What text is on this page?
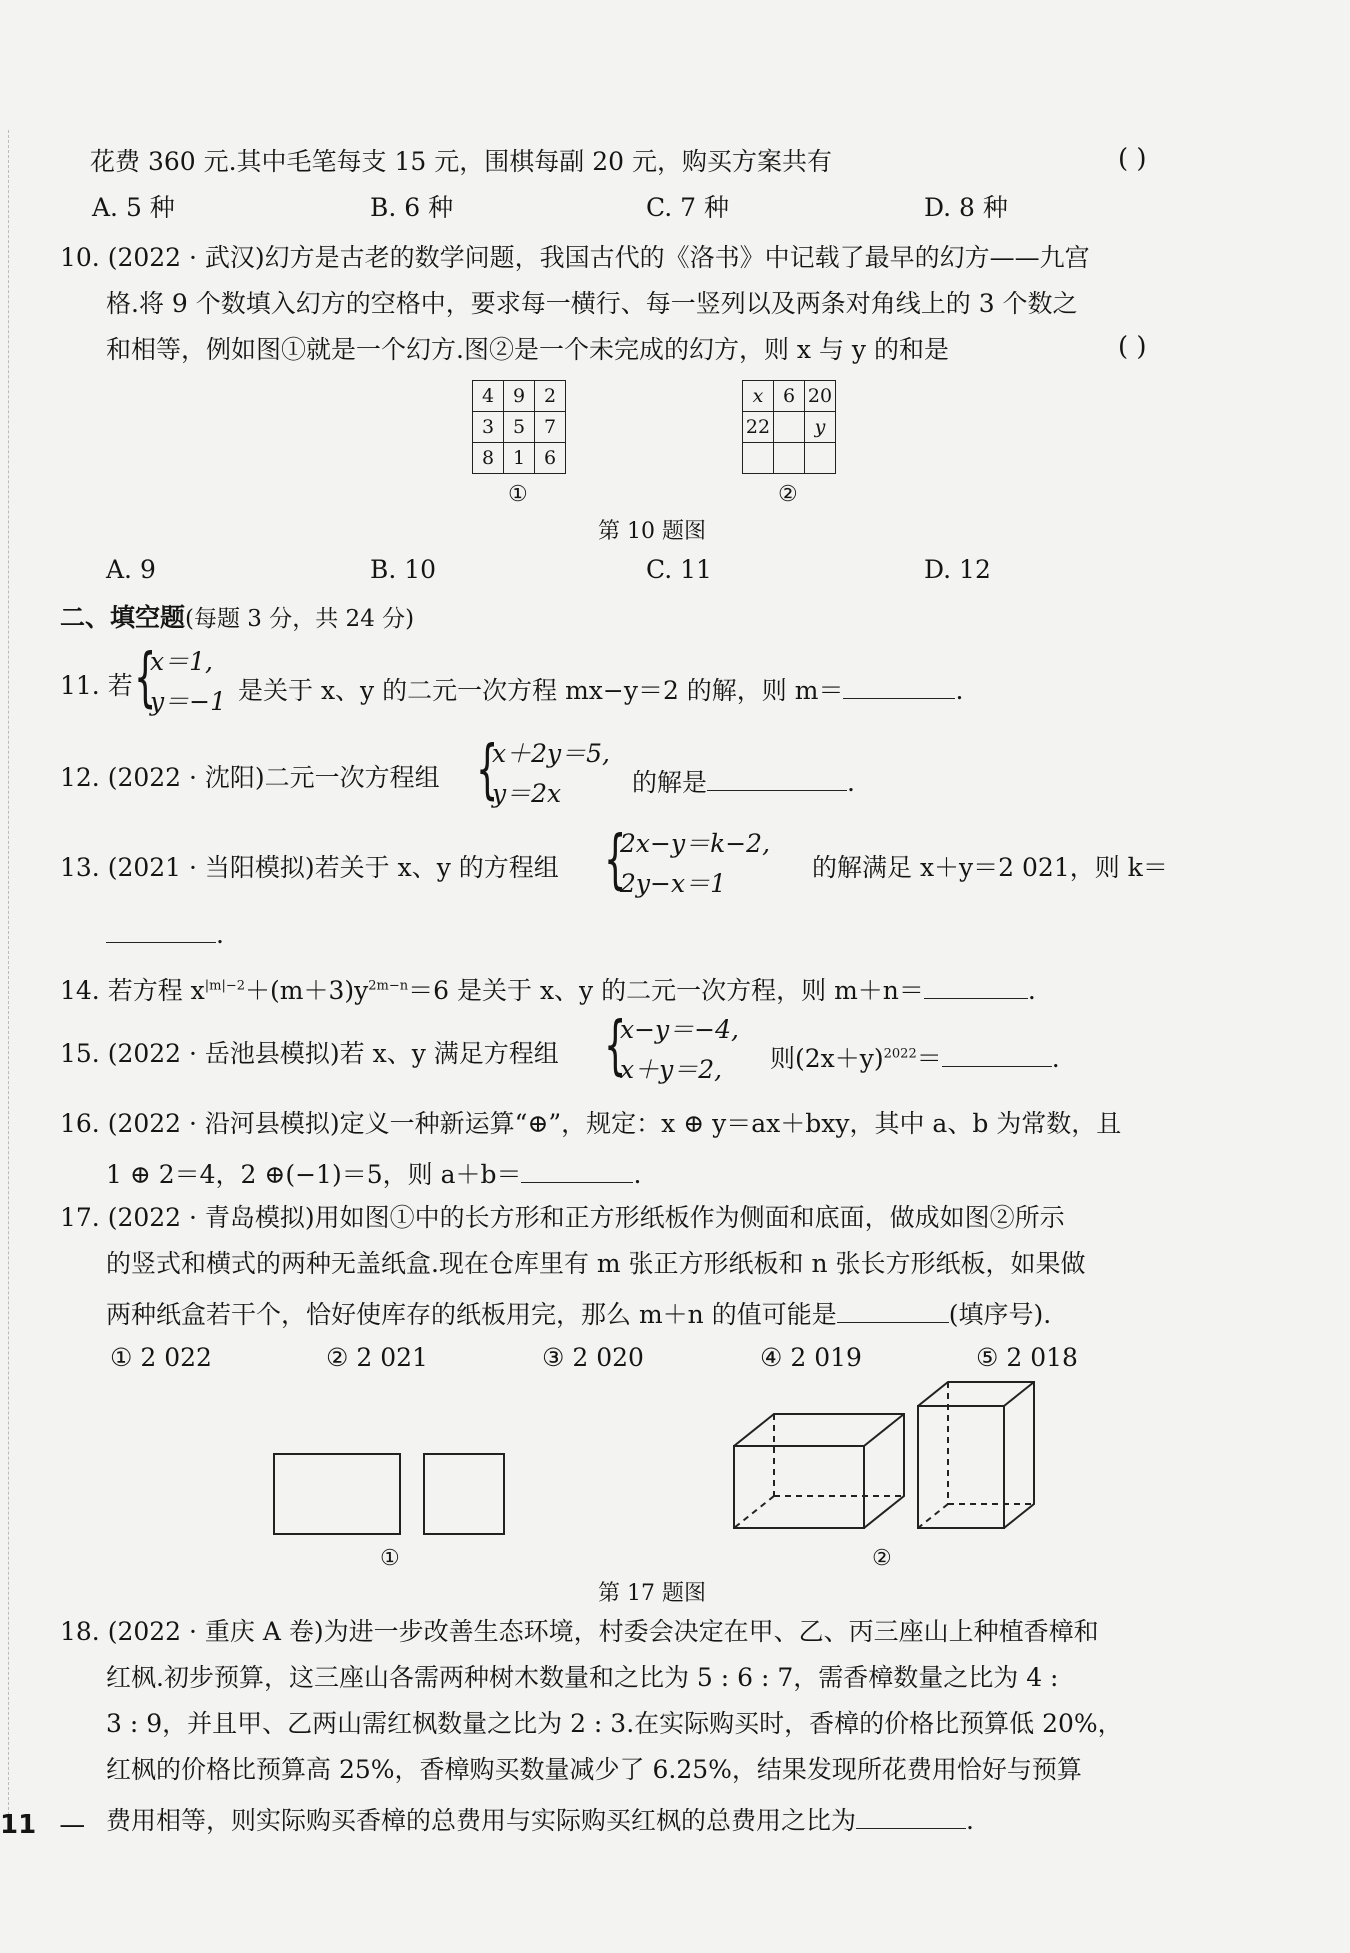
花费 360 元.其中毛笔每支 15 元，围棋每副 20 元，购买方案共有	( )
A. 5 种	B. 6 种	C. 7 种	D. 8 种
10. (2022 · 武汉)幻方是古老的数学问题，我国古代的《洛书》中记载了最早的幻方——九宫
格.将 9 个数填入幻方的空格中，要求每一横行、每一竖列以及两条对角线上的 3 个数之
和相等，例如图①就是一个幻方.图②是一个未完成的幻方，则 x 与 y 的和是	( )
4	9	2
3	5	7
8	1	6
①
x	6	20
22		y

②
第 10 题图
A. 9	B. 10	C. 11	D. 12
二、填空题(每题 3 分，共 24 分)
11. 若 {
x＝1,
y＝−1 是关于 x、y 的二元一次方程 mx−y＝2 的解，则 m＝	.
12. (2022 · 沈阳)二元一次方程组 {
x＋2y＝5,
y＝2x	的解是	.
13. (2021 · 当阳模拟)若关于 x、y 的方程组 {
2x−y＝k−2,
2y−x＝1
的解满足 x＋y＝2 021，则 k＝
.
14. 若方程 $x^{|m|-2}+(m+3)y^{2m-n}=6$ 是关于 x、y 的二元一次方程，则 m＋n＝	.
15. (2022 · 岳池县模拟)若 x、y 满足方程组 {
x−y＝−4,
x＋y＝2,	则$(2x+y)^{2022}=$	.
16. (2022 · 沿河县模拟)定义一种新运算“⊕”，规定：x ⊕ y＝ax＋bxy，其中 a、b 为常数，且
1 ⊕ 2＝4，2 ⊕(−1)＝5，则 a＋b＝	.
17. (2022 · 青岛模拟)用如图①中的长方形和正方形纸板作为侧面和底面，做成如图②所示
的竖式和横式的两种无盖纸盒.现在仓库里有 m 张正方形纸板和 n 张长方形纸板，如果做
两种纸盒若干个，恰好使库存的纸板用完，那么 m＋n 的值可能是	(填序号).
① 2 022	② 2 021	③ 2 020	④ 2 019	⑤ 2 018
①	②
第 17 题图
18. (2022 · 重庆 A 卷)为进一步改善生态环境，村委会决定在甲、乙、丙三座山上种植香樟和
红枫.初步预算，这三座山各需两种树木数量和之比为 5 : 6 : 7，需香樟数量之比为 4 :
3 : 9，并且甲、乙两山需红枫数量之比为 2 : 3.在实际购买时，香樟的价格比预算低 20%，
红枫的价格比预算高 25%，香樟购买数量减少了 6.25%，结果发现所花费用恰好与预算
费用相等，则实际购买香樟的总费用与实际购买红枫的总费用之比为	.
11 —
